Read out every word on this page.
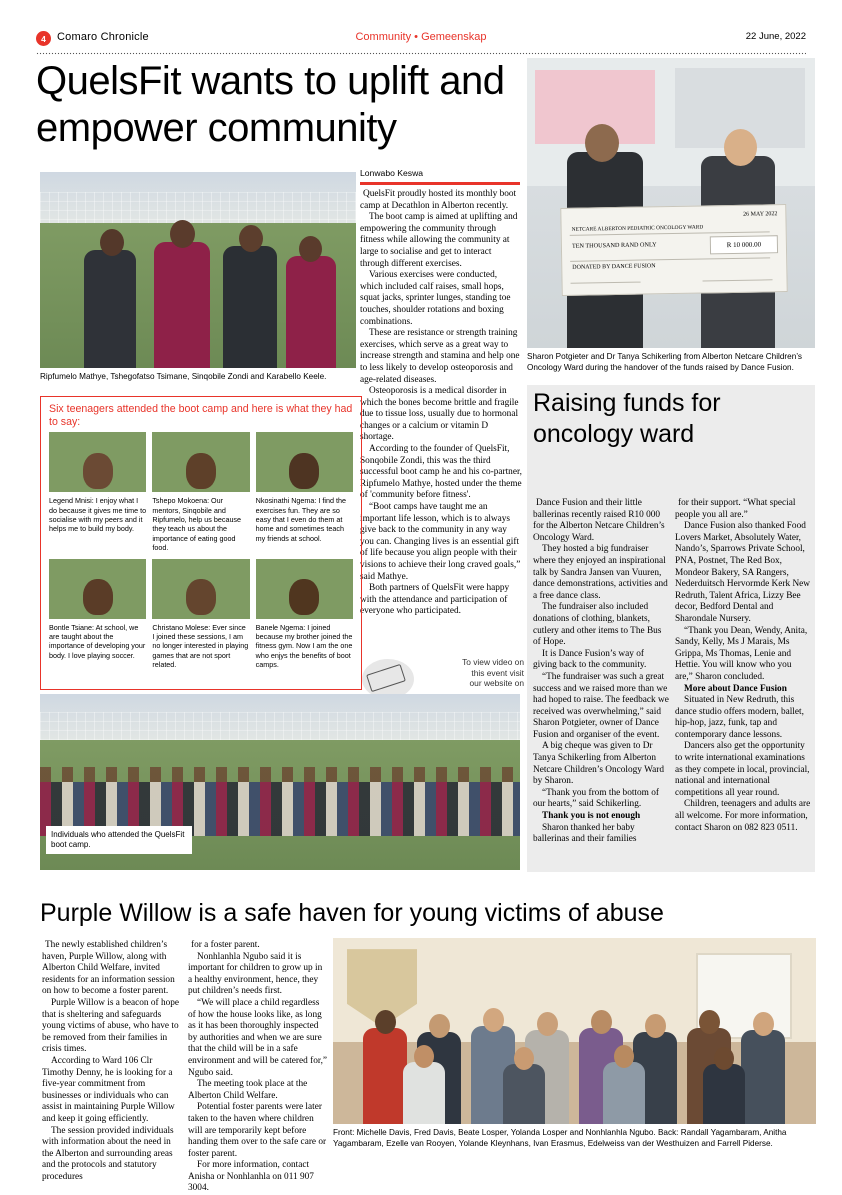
4	Comaro Chronicle	Community • Gemeenskap	22 June, 2022
QuelsFit wants to uplift and empower community
Ripfumelo Mathye, Tshegofatso Tsimane, Sinqobile Zondi and Karabello Keele.
Lonwabo Keswa

QuelsFit proudly hosted its monthly boot camp at Decathlon in Alberton recently.

The boot camp is aimed at uplifting and empowering the community through fitness while allowing the community at large to socialise and get to interact through different exercises.

Various exercises were conducted, which included calf raises, small hops, squat jacks, sprinter lunges, standing toe touches, shoulder rotations and boxing combinations.

These are resistance or strength training exercises, which serve as a great way to increase strength and stamina and help one to less likely to develop osteoporosis and age-related diseases.

Osteoporosis is a medical disorder in which the bones become brittle and fragile due to tissue loss, usually due to hormonal changes or a calcium or vitamin D shortage.

According to the founder of QuelsFit, Sonqobile Zondi, this was the third successful boot camp he and his co-partner, Ripfumelo Mathye, hosted under the theme of 'community before fitness'.

“Boot camps have taught me an important life lesson, which is to always give back to the community in any way you can. Changing lives is an essential gift of life because you align people with their visions to achieve their long craved goals,” said Mathye.

Both partners of QuelsFit were happy with the attendance and participation of everyone who participated.

To view video on
this event visit
our website on
Six teenagers attended the boot camp and here is what they had to say:
Legend Mnisi: I enjoy what I do because it gives me time to socialise with my peers and it helps me to build my body.
Tshepo Mokoena: Our mentors, Sinqobile and Ripfumelo, help us because they teach us about the importance of eating good food.
Nkosinathi Ngema: I find the exercises fun. They are so easy that I even do them at home and sometimes teach my friends at school.
Bontle Tsiane: At school, we are taught about the importance of developing your body. I love playing soccer.
Christano Molese: Ever since I joined these sessions, I am no longer interested in playing games that are not sport related.
Banele Ngema: I joined because my brother joined the fitness gym. Now I am the one who enjys the benefits of boot camps.
Individuals who attended the QuelsFit boot camp.
26 MAY 2022
NETCARE ALBERTON PEDIATRIC ONCOLOGY WARD
TEN THOUSAND RAND ONLY	R 10 000.00
DONATED BY DANCE FUSION
Sharon Potgieter and Dr Tanya Schikerling from Alberton Netcare Children’s Oncology Ward during the handover of the funds raised by Dance Fusion.
Raising funds for oncology ward

Dance Fusion and their little ballerinas recently raised R10 000 for the Alberton Netcare Children’s Oncology Ward.

They hosted a big fundraiser where they enjoyed an inspirational talk by Sandra Jansen van Vuuren, dance demonstrations, activities and a free dance class.

The fundraiser also included donations of clothing, blankets, cutlery and other items to The Bus of Hope.

It is Dance Fusion’s way of giving back to the community.

“The fundraiser was such a great success and we raised more than we had hoped to raise. The feedback we received was overwhelming,” said Sharon Potgieter, owner of Dance Fusion and organiser of the event.

A big cheque was given to Dr Tanya Schikerling from Alberton Netcare Children’s Oncology Ward by Sharon.

“Thank you from the bottom of our hearts,” said Schikerling.

Thank you is not enough

Sharon thanked her baby ballerinas and their families

for their support. “What special people you all are.”

Dance Fusion also thanked Food Lovers Market, Absolutely Water, Nando’s, Sparrows Private School, PNA, Postnet, The Red Box, Mondeor Bakery, SA Rangers, Nederduitsch Hervormde Kerk New Redruth, Talent Africa, Lizzy Bee decor, Bedford Dental and Sharondale Nursery.

“Thank you Dean, Wendy, Anita, Sandy, Kelly, Ms J Marais, Ms Grippa, Ms Thomas, Lenie and Hettie. You will know who you are,” Sharon concluded.

More about Dance Fusion

Situated in New Redruth, this dance studio offers modern, ballet, hip-hop, jazz, funk, tap and contemporary dance lessons.

Dancers also get the opportunity to write international examinations as they compete in local, provincial, national and international competitions all year round.

Children, teenagers and adults are all welcome. For more information, contact Sharon on 082 823 0511.

Purple Willow is a safe haven for young victims of abuse

The newly established children’s haven, Purple Willow, along with Alberton Child Welfare, invited residents for an information session on how to become a foster parent.

Purple Willow is a beacon of hope that is sheltering and safeguards young victims of abuse, who have to be removed from their families in crisis times.

According to Ward 106 Clr Timothy Denny, he is looking for a five-year commitment from businesses or individuals who can assist in maintaining Purple Willow and keep it going efficiently.

The session provided individuals with information about the need in the Alberton and surrounding areas and the protocols and statutory procedures

for a foster parent.

Nonhlanhla Ngubo said it is important for children to grow up in a healthy environment, hence, they put children’s needs first.

“We will place a child regardless of how the house looks like, as long as it has been thoroughly inspected by authorities and when we are sure that the child will be in a safe environment and will be catered for,” Ngubo said.

The meeting took place at the Alberton Child Welfare.

Potential foster parents were later taken to the haven where children will are temporarily kept before handing them over to the safe care or foster parent.

For more information, contact Anisha or Nonhlanhla on 011 907 3004.

Front: Michelle Davis, Fred Davis, Beate Losper, Yolanda Losper and Nonhlanhla Ngubo. Back: Randall Yagambaram, Anitha Yagambaram, Ezelle van Rooyen, Yolande Kleynhans, Ivan Erasmus, Edelweiss van der Westhuizen and Farrell Pidersе.
